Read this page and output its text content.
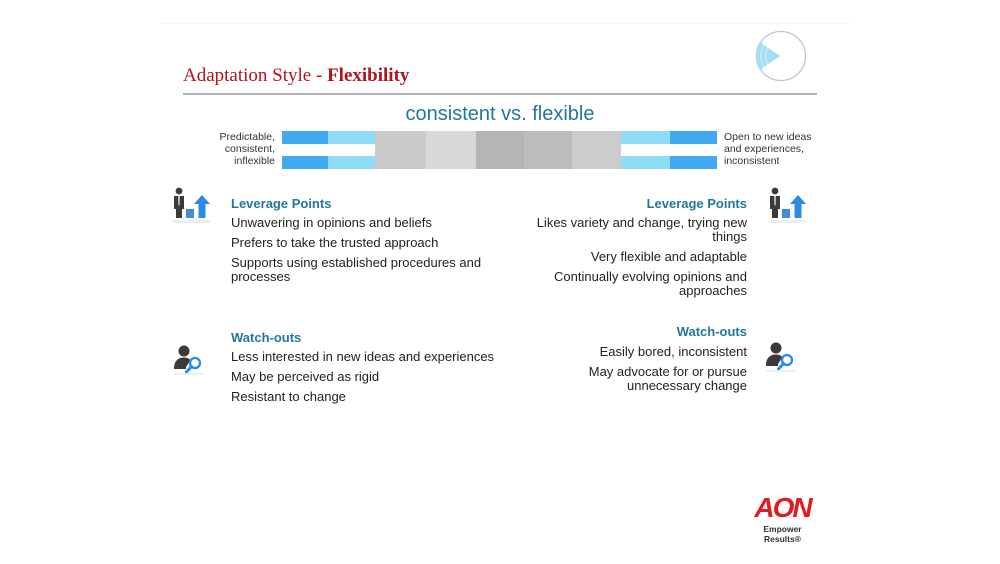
Adaptation Style - Flexibility
consistent vs. flexible
Predictable,
consistent,
inflexible
Open to new ideas
and experiences,
inconsistent
Leverage Points
Unwavering in opinions and beliefs
Prefers to take the trusted approach
Supports using established procedures and processes
Leverage Points
Likes variety and change, trying new things
Very flexible and adaptable
Continually evolving opinions and approaches
Watch-outs
Less interested in new ideas and experiences
May be perceived as rigid
Resistant to change
Watch-outs
Easily bored, inconsistent
May advocate for or pursue unnecessary change
AON
Empower Results®
